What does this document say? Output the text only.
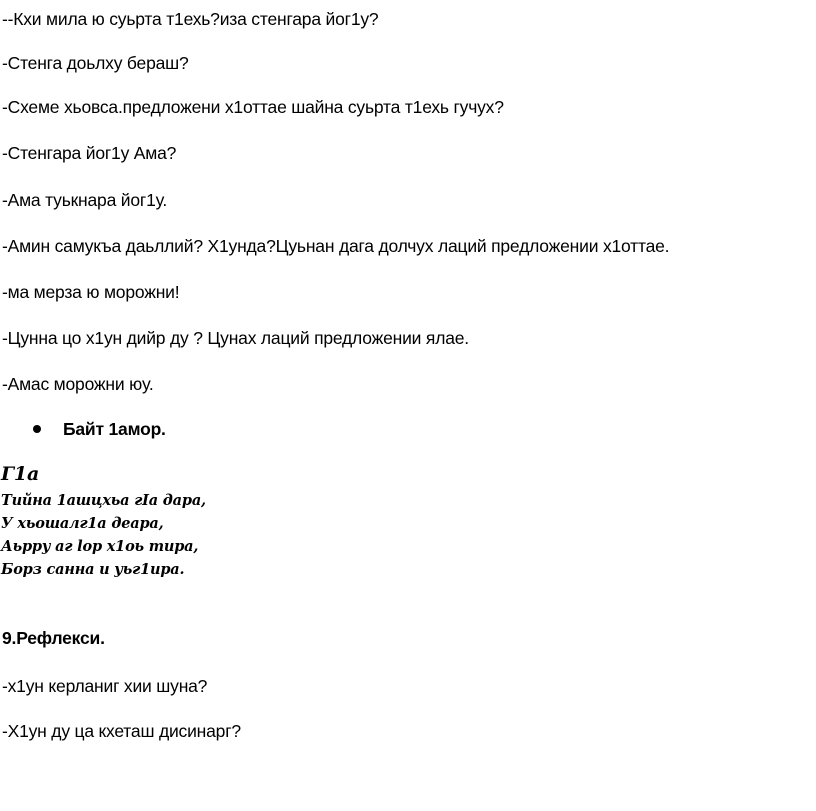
--Кхи мила ю суьрта т1ехь?иза стенгара йог1у?
-Стенга доьлху бераш?
-Схеме хьовса.предложени х1оттае шайна суьрта т1ехь гучух?
-Стенгара йог1у Ама?
-Ама туькнара йог1у.
-Амин самукъа даьллий? Х1унда?Цуьнан дага долчух лаций предложении х1оттае.
-ма мерза ю морожни!
-Цунна цо х1ун дийр ду ? Цунах лаций предложении ялае.
-Амас морожни юу.
Байт 1амор.
Г1а
Тийна 1ашцхьа гIа дара,
У хьошалг1а деара,
Аьрру аг lop х1оь тира,
Борз санна и уьг1ира.
9.Рефлекси.
-х1ун керланиг хии шуна?
-Х1ун ду ца кхеташ дисинарг?
